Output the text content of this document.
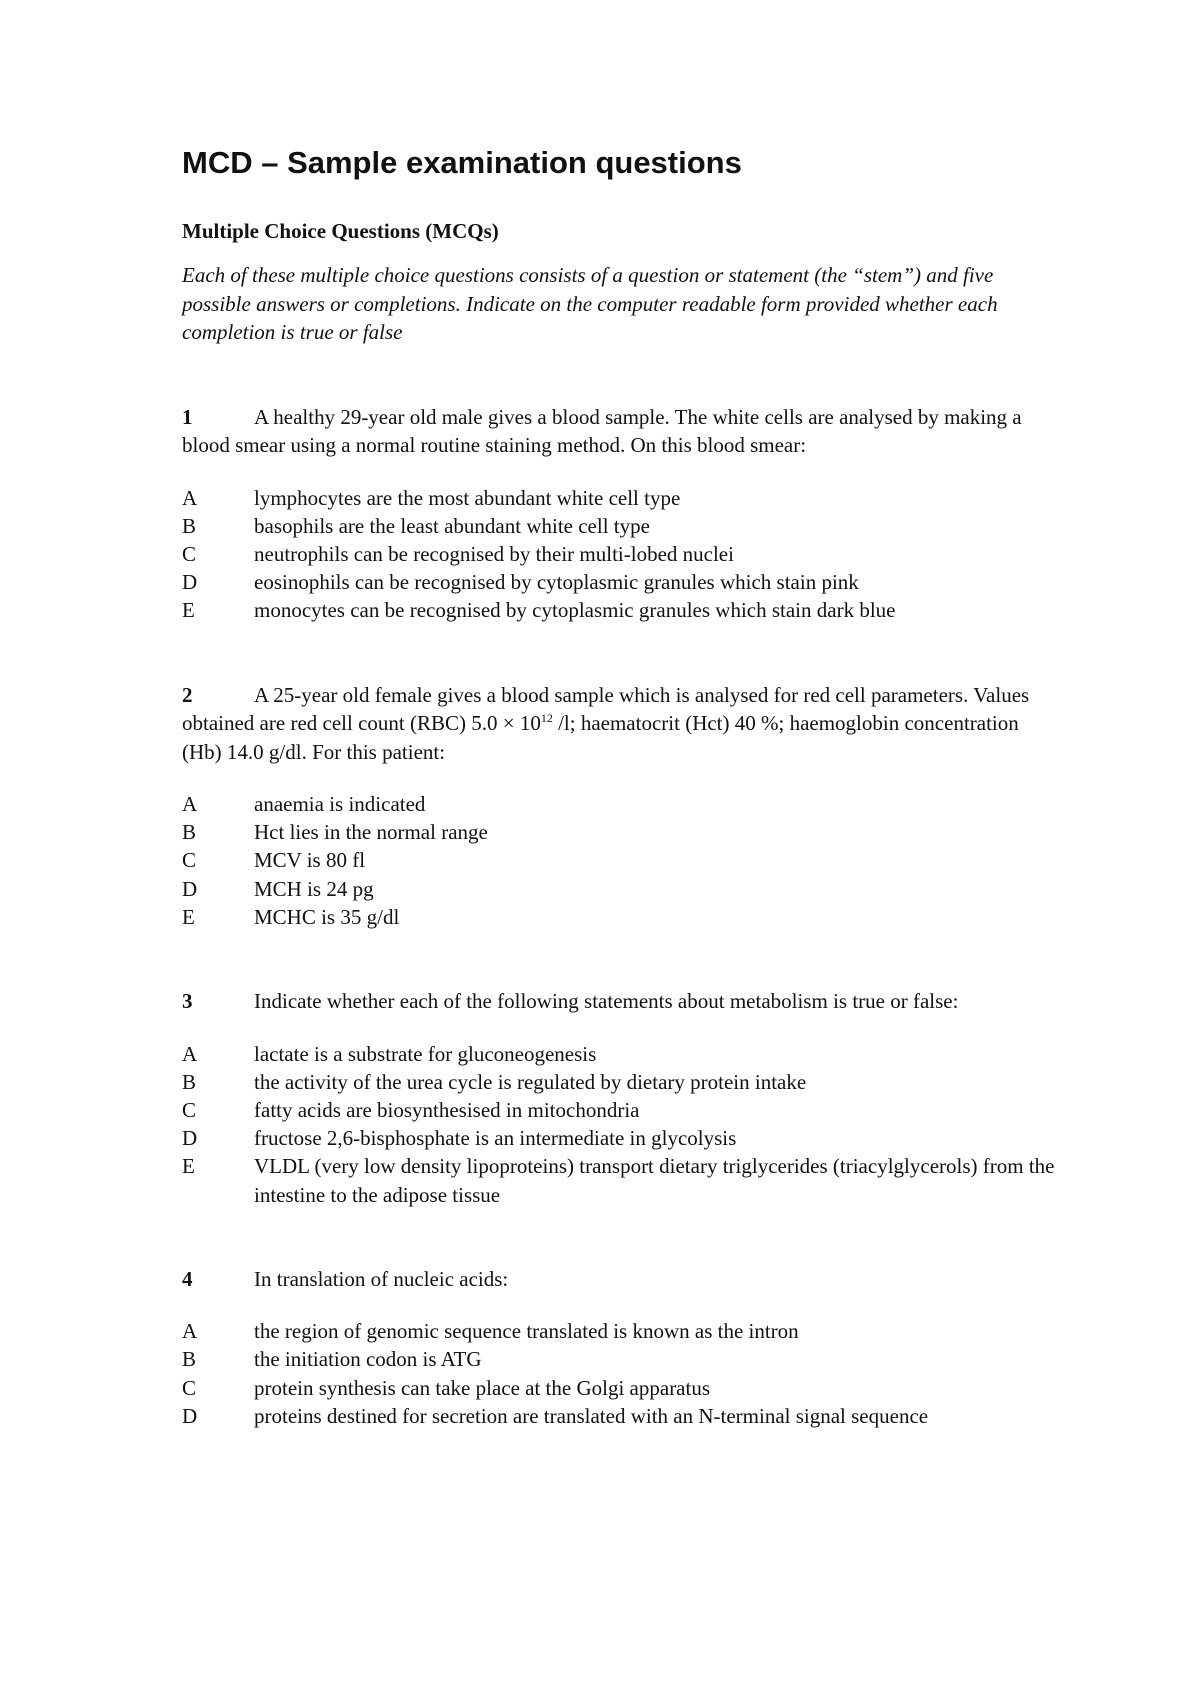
MCD – Sample examination questions
Multiple Choice Questions (MCQs)

Each of these multiple choice questions consists of a question or statement (the “stem”) and five possible answers or completions. Indicate on the computer readable form provided whether each completion is true or false

1	A healthy 29-year old male gives a blood sample. The white cells are analysed by making a blood smear using a normal routine staining method. On this blood smear:

A	lymphocytes are the most abundant white cell type
B	basophils are the least abundant white cell type
C	neutrophils can be recognised by their multi-lobed nuclei
D	eosinophils can be recognised by cytoplasmic granules which stain pink
E	monocytes can be recognised by cytoplasmic granules which stain dark blue

2	A 25-year old female gives a blood sample which is analysed for red cell parameters. Values obtained are red cell count (RBC) $5.0 \times 10^{12}$ /l; haematocrit (Hct) 40 %; haemoglobin concentration (Hb) 14.0 g/dl. For this patient:

A	anaemia is indicated
B	Hct lies in the normal range
C	MCV is 80 fl
D	MCH is 24 pg
E	MCHC is 35 g/dl

3	Indicate whether each of the following statements about metabolism is true or false:

A	lactate is a substrate for gluconeogenesis
B	the activity of the urea cycle is regulated by dietary protein intake
C	fatty acids are biosynthesised in mitochondria
D	fructose 2,6-bisphosphate is an intermediate in glycolysis
E	VLDL (very low density lipoproteins) transport dietary triglycerides (triacylglycerols) from the intestine to the adipose tissue

4	In translation of nucleic acids:

A	the region of genomic sequence translated is known as the intron
B	the initiation codon is ATG
C	protein synthesis can take place at the Golgi apparatus
D	proteins destined for secretion are translated with an N-terminal signal sequence
